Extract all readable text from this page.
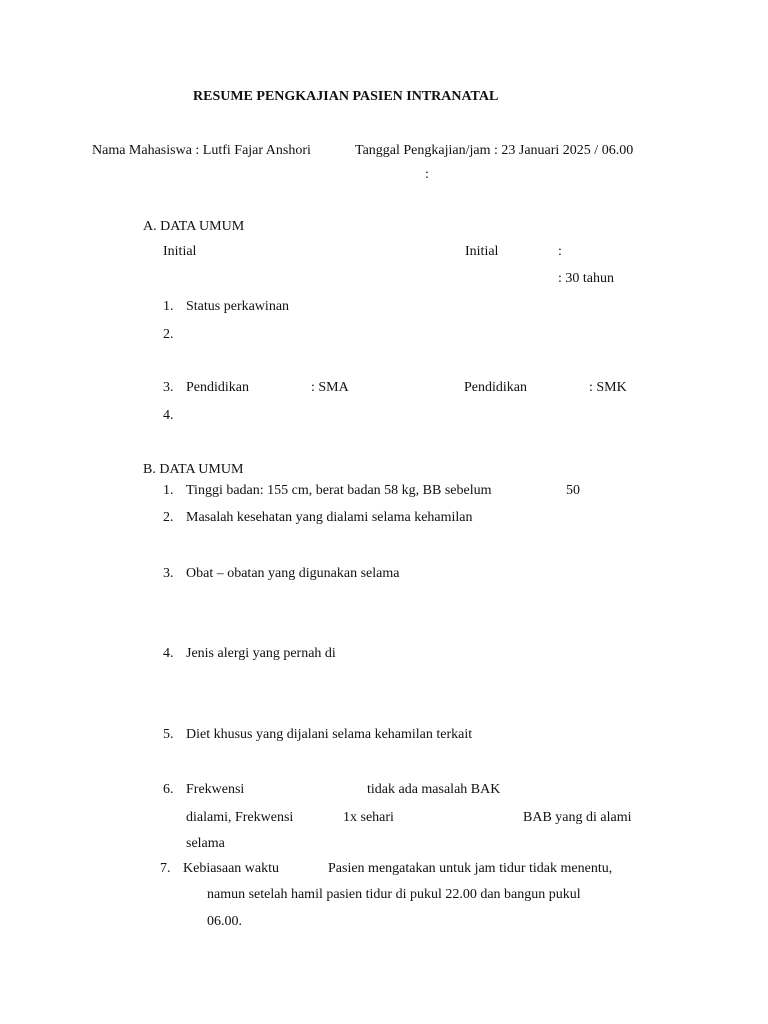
RESUME PENGKAJIAN PASIEN INTRANATAL
Nama Mahasiswa : Lutfi Fajar Anshori	Tanggal Pengkajian/jam : 23 Januari 2025 / 06.00
:
A. DATA UMUM
Initial	Initial	:
: 30 tahun
1. Status perkawinan
2.
3. Pendidikan	: SMA	Pendidikan	: SMK
4.
B. DATA UMUM
1. Tinggi badan: 155 cm, berat badan 58 kg, BB sebelum	50
2. Masalah kesehatan yang dialami selama kehamilan
3. Obat – obatan yang digunakan selama
4. Jenis alergi yang pernah di
5. Diet khusus yang dijalani selama kehamilan terkait
6. Frekwensi	tidak ada masalah BAK
dialami, Frekwensi	1x sehari	BAB yang di alami
selama
7. Kebiasaan waktu	Pasien mengatakan untuk jam tidur tidak menentu,
namun setelah hamil pasien tidur di pukul 22.00 dan bangun pukul
06.00.
